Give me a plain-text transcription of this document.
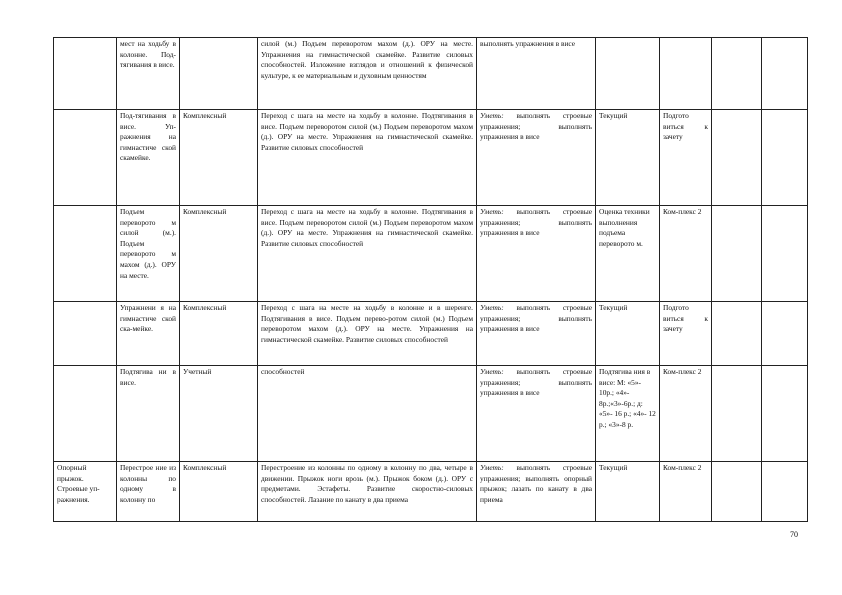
	мест на ходьбу в колонне. Под-тягивания в висе.		силой (м.) Подъем переворотом махом (д.). ОРУ на месте. Упражнения на гимнастической скамейке. Развитие силовых способностей. Изложение взглядов и отношений к физической культуре, к ее материальным и духовным ценностям	выполнять упражнения в висе				
	Под-тягивания в висе. Уп-ражнения на гимнастиче ской скамейке.	Комплексный	Переход с шага на месте на ходьбу в колонне. Подтягивания в висе. Подъем переворотом силой (м.) Подъем переворотом махом (д.). ОРУ на месте. Упражнения на гимнастической скамейке. Развитие силовых способностей	Уметь: выполнять строевые упражнения; выполнять упражнения в висе	Текущий	Подгото виться к зачету		
	Подъем переворото м силой (м.). Подъем переворото м махом (д.). ОРУ на месте.	Комплексный	Переход с шага на месте на ходьбу в колонне. Подтягивания в висе. Подъем переворотом силой (м.) Подъем переворотом махом (д.). ОРУ на месте. Упражнения на гимнастической скамейке. Развитие силовых способностей	Уметь: выполнять строевые упражнения; выполнять упражнения в висе	Оценка техники выполнения подъема переворото м.	Ком-плекс 2		
	Упражнени я на гимнастиче ской ска-мейке.	Комплексный	Переход с шага на месте на ходьбу в колонне и в шеренге. Подтягивания в висе. Подъем перево-ротом силой (м.) Подъем переворотом махом (д.). ОРУ на месте. Упражнения на гимнастической скамейке. Развитие силовых способностей	Уметь: выполнять строевые упражнения; выполнять упражнения в висе	Текущий	Подгото виться к зачету		
	Подтягива ни в висе.	Учетный	способностей	Уметь: выполнять строевые упражнения; выполнять упражнения в висе	Подтягива ния в висе: М: «5»- 10р.; «4»- 8р.;«3»-6р.; д: «5»- 16 р.; «4»- 12 р.; «3»-8 р.	Ком-плекс 2		
Опорный прыжок. Строевые уп-ражнения.	Перестрое ние из колонны по одному в колонну по	Комплексный	Перестроение из колонны по одному в колонну по два, четыре в движении. Прыжок ноги врозь (м.). Прыжок боком (д.). ОРУ с предметами. Эстафеты. Развитие скоростно-силовых способностей. Лазание по канату в два приема	Уметь: выполнять строевые упражнения; выполнять опорный прыжок; лазать по канату в два приема	Текущий	Ком-плекс 2		
70
